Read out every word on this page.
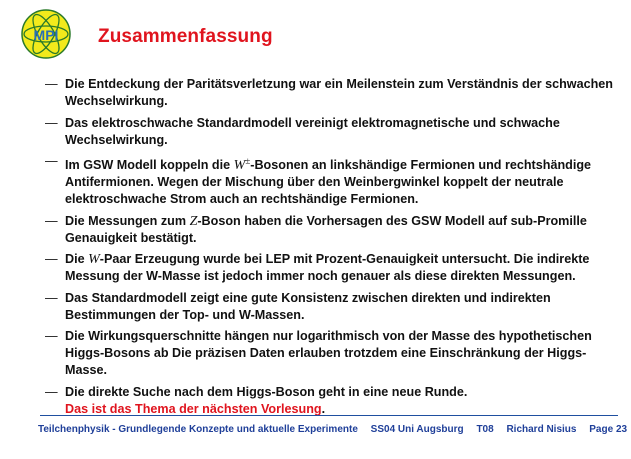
MPI Zusammenfassung
— Die Entdeckung der Paritätsverletzung war ein Meilenstein zum Verständnis der schwachen Wechselwirkung.
— Das elektroschwache Standardmodell vereinigt elektromagnetische und schwache Wechselwirkung.
— Im GSW Modell koppeln die W±-Bosonen an linkshändige Fermionen und rechtshändige Antifermionen. Wegen der Mischung über den Weinbergwinkel koppelt der neutrale elektroschwache Strom auch an rechtshändige Fermionen.
— Die Messungen zum Z-Boson haben die Vorhersagen des GSW Modell auf sub-Promille Genauigkeit bestätigt.
— Die W-Paar Erzeugung wurde bei LEP mit Prozent-Genauigkeit untersucht. Die indirekte Messung der W-Masse ist jedoch immer noch genauer als diese direkten Messungen.
— Das Standardmodell zeigt eine gute Konsistenz zwischen direkten und indirekten Bestimmungen der Top- und W-Massen.
— Die Wirkungsquerschnitte hängen nur logarithmisch von der Masse des hypothetischen Higgs-Bosons ab Die präzisen Daten erlauben trotzdem eine Einschränkung der Higgs-Masse.
— Die direkte Suche nach dem Higgs-Boson geht in eine neue Runde.
Das ist das Thema der nächsten Vorlesung.
Teilchenphysik - Grundlegende Konzepte und aktuelle Experimente SS04 Uni Augsburg T08 Richard Nisius Page 23
